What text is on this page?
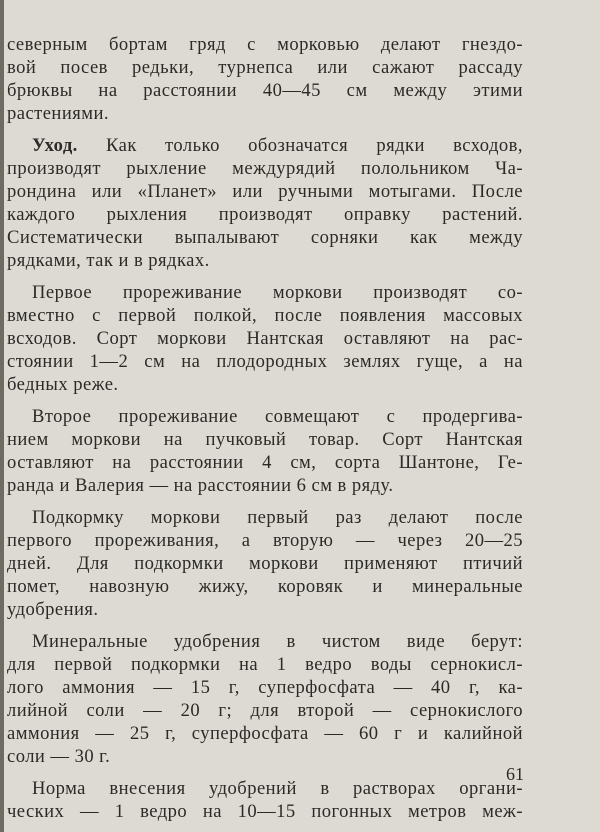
северным бортам гряд с морковью делают гнездо-
вой посев редьки, турнепса или сажают рассаду
брюквы на расстоянии 40—45 см между этими
растениями.
Уход. Как только обозначатся рядки всходов,
производят рыхление междурядий полольником Ча-
рондина или «Планет» или ручными мотыгами. После
каждого рыхления производят оправку растений.
Систематически выпалывают сорняки как между
рядками, так и в рядках.
Первое прореживание моркови производят со-
вместно с первой полкой, после появления массовых
всходов. Сорт моркови Нантская оставляют на рас-
стоянии 1—2 см на плодородных землях гуще, а на
бедных реже.
Второе прореживание совмещают с продергива-
нием моркови на пучковый товар. Сорт Нантская
оставляют на расстоянии 4 см, сорта Шантоне, Ге-
ранда и Валерия — на расстоянии 6 см в ряду.
Подкормку моркови первый раз делают после
первого прореживания, а вторую — через 20—25
дней. Для подкормки моркови применяют птичий
помет, навозную жижу, коровяк и минеральные
удобрения.
Минеральные удобрения в чистом виде берут:
для первой подкормки на 1 ведро воды сернокисл-
лого аммония — 15 г, суперфосфата — 40 г, ка-
лийной соли — 20 г; для второй — сернокислого
аммония — 25 г, суперфосфата — 60 г и калийной
соли — 30 г.
Норма внесения удобрений в растворах органи-
ческих — 1 ведро на 10—15 погонных метров меж-
61
